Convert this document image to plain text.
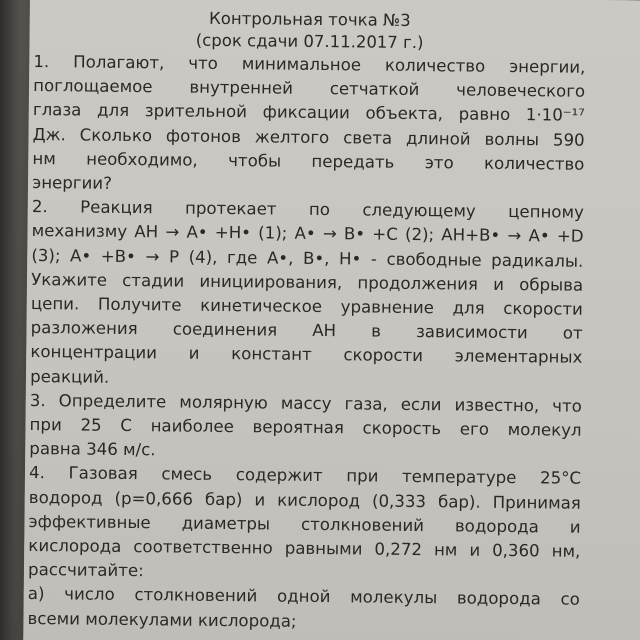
Контрольная точка №3

(срок сдачи 07.11.2017 г.)

1. Полагают, что минимальное количество энергии,

поглощаемое внутренней сетчаткой человеческого

глаза для зрительной фиксации объекта, равно 1·10⁻¹⁷

Дж. Сколько фотонов желтого света длиной волны 590

нм необходимо, чтобы передать это количество

энергии?

2. Реакция протекает по следующему цепному

механизму АН → А• +Н• (1); А• → В• +С (2); АН+В• → А• +D

(3); А• +В• → Р (4), где А•, В•, Н• - свободные радикалы.

Укажите стадии инициирования, продолжения и обрыва

цепи. Получите кинетическое уравнение для скорости

разложения соединения АН в зависимости от

концентрации и констант скорости элементарных

реакций.

3. Определите молярную массу газа, если известно, что

при 25 С наиболее вероятная скорость его молекул

равна 346 м/с.

4. Газовая смесь содержит при температуре 25°С

водород (р=0,666 бар) и кислород (0,333 бар). Принимая

эффективные диаметры столкновений водорода и

кислорода соответственно равными 0,272 нм и 0,360 нм,

рассчитайте:

а) число столкновений одной молекулы водорода со

всеми молекулами кислорода;
